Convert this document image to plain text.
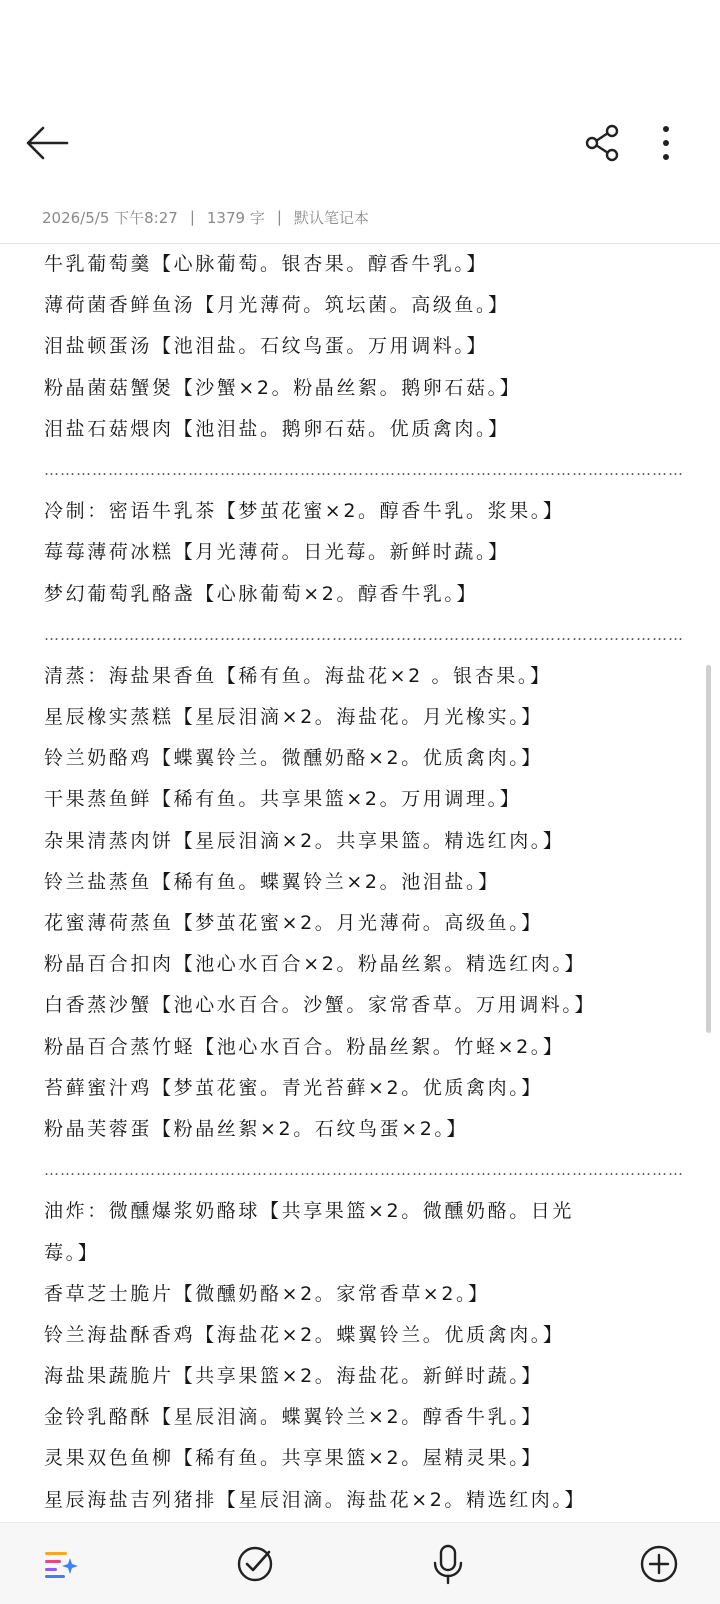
2026/5/5 下午8:27 | 1379 字 | 默认笔记本
牛乳葡萄羹【心脉葡萄。银杏果。醇香牛乳。】
薄荷菌香鲜鱼汤【月光薄荷。筑坛菌。高级鱼。】
泪盐顿蛋汤【池泪盐。石纹鸟蛋。万用调料。】
粉晶菌菇蟹煲【沙蟹×2。粉晶丝絮。鹅卵石菇。】
泪盐石菇煨肉【池泪盐。鹅卵石菇。优质禽肉。】
…………………………………………………………………………………………………………
冷制：密语牛乳茶【梦茧花蜜×2。醇香牛乳。浆果。】
莓莓薄荷冰糕【月光薄荷。日光莓。新鲜时蔬。】
梦幻葡萄乳酪盏【心脉葡萄×2。醇香牛乳。】
…………………………………………………………………………………………………………
清蒸：海盐果香鱼【稀有鱼。海盐花×2 。银杏果。】
星辰橡实蒸糕【星辰泪滴×2。海盐花。月光橡实。】
铃兰奶酪鸡【蝶翼铃兰。微醺奶酪×2。优质禽肉。】
干果蒸鱼鲜【稀有鱼。共享果篮×2。万用调理。】
杂果清蒸肉饼【星辰泪滴×2。共享果篮。精选红肉。】
铃兰盐蒸鱼【稀有鱼。蝶翼铃兰×2。池泪盐。】
花蜜薄荷蒸鱼【梦茧花蜜×2。月光薄荷。高级鱼。】
粉晶百合扣肉【池心水百合×2。粉晶丝絮。精选红肉。】
白香蒸沙蟹【池心水百合。沙蟹。家常香草。万用调料。】
粉晶百合蒸竹蛏【池心水百合。粉晶丝絮。竹蛏×2。】
苔藓蜜汁鸡【梦茧花蜜。青光苔藓×2。优质禽肉。】
粉晶芙蓉蛋【粉晶丝絮×2。石纹鸟蛋×2。】
…………………………………………………………………………………………………………
油炸：微醺爆浆奶酪球【共享果篮×2。微醺奶酪。日光
莓。】
香草芝士脆片【微醺奶酪×2。家常香草×2。】
铃兰海盐酥香鸡【海盐花×2。蝶翼铃兰。优质禽肉。】
海盐果蔬脆片【共享果篮×2。海盐花。新鲜时蔬。】
金铃乳酪酥【星辰泪滴。蝶翼铃兰×2。醇香牛乳。】
灵果双色鱼柳【稀有鱼。共享果篮×2。屋精灵果。】
星辰海盐吉列猪排【星辰泪滴。海盐花×2。精选红肉。】
